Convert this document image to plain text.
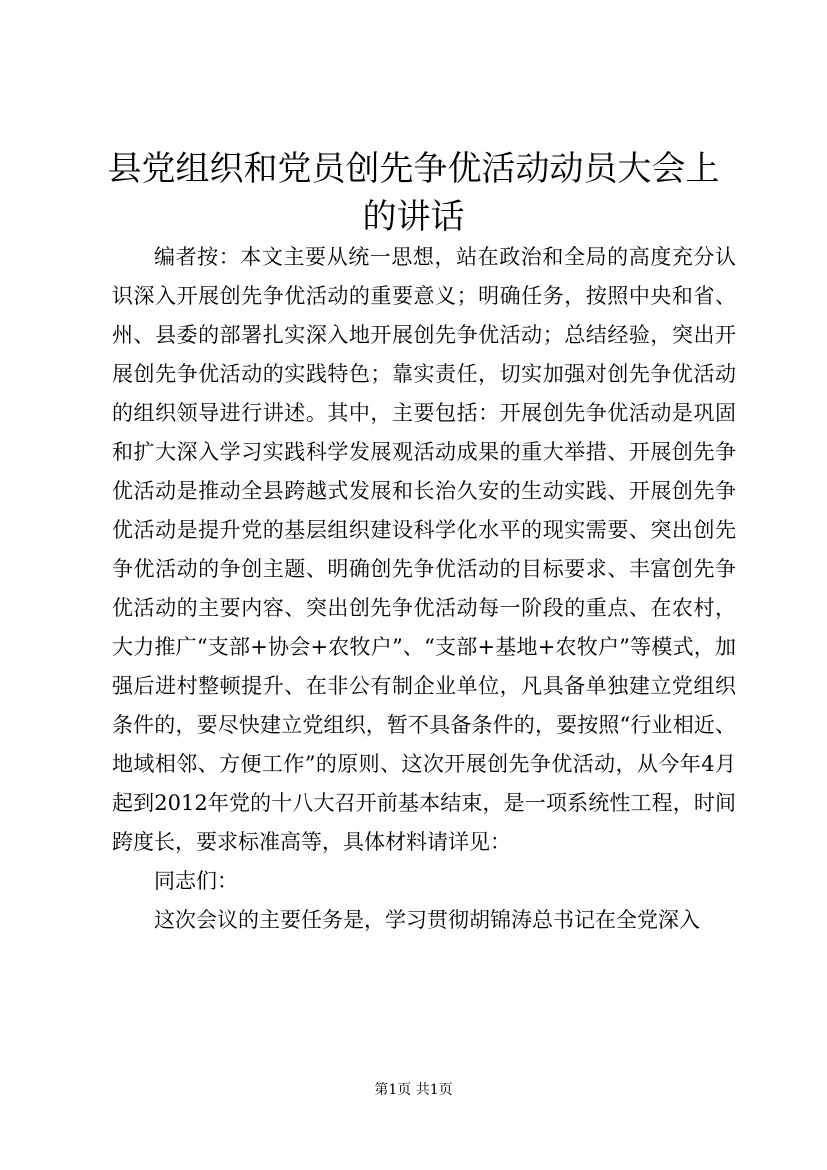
县党组织和党员创先争优活动动员大会上的讲话

编者按：本文主要从统一思想，站在政治和全局的高度充分认识深入开展创先争优活动的重要意义；明确任务，按照中央和省、州、县委的部署扎实深入地开展创先争优活动；总结经验，突出开展创先争优活动的实践特色；靠实责任，切实加强对创先争优活动的组织领导进行讲述。其中，主要包括：开展创先争优活动是巩固和扩大深入学习实践科学发展观活动成果的重大举措、开展创先争优活动是推动全县跨越式发展和长治久安的生动实践、开展创先争优活动是提升党的基层组织建设科学化水平的现实需要、突出创先争优活动的争创主题、明确创先争优活动的目标要求、丰富创先争优活动的主要内容、突出创先争优活动每一阶段的重点、在农村，大力推广“支部+协会+农牧户”、“支部+基地+农牧户”等模式，加强后进村整顿提升、在非公有制企业单位，凡具备单独建立党组织条件的，要尽快建立党组织，暂不具备条件的，要按照“行业相近、地域相邻、方便工作”的原则、这次开展创先争优活动，从今年4月起到2012年党的十八大召开前基本结束，是一项系统性工程，时间跨度长，要求标准高等，具体材料请详见：

同志们：

这次会议的主要任务是，学习贯彻胡锦涛总书记在全党深入

第1页 共1页
